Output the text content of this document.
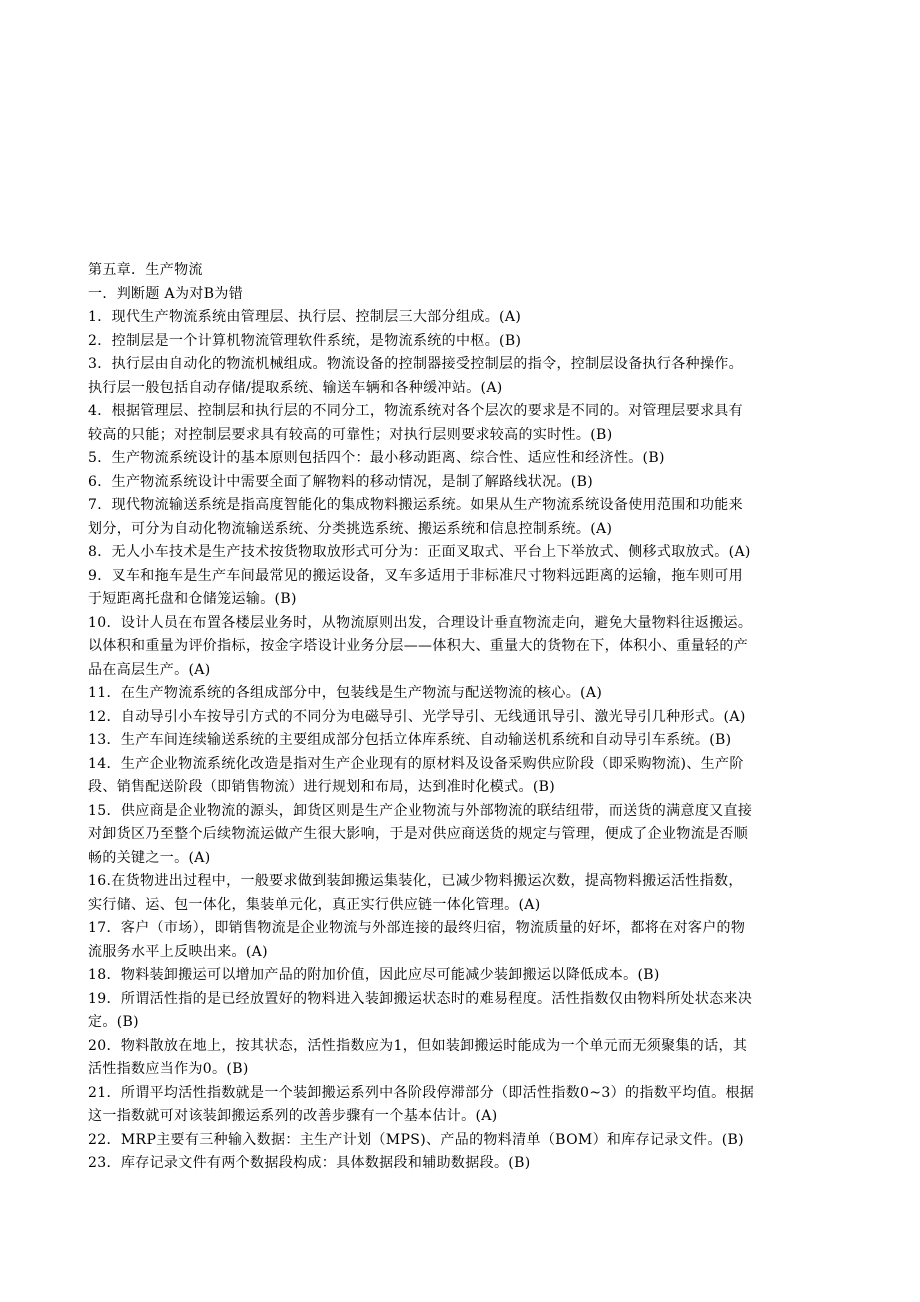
第五章．生产物流
一．判断题 A为对B为错
1．现代生产物流系统由管理层、执行层、控制层三大部分组成。(A)
2．控制层是一个计算机物流管理软件系统，是物流系统的中枢。(B)
3．执行层由自动化的物流机械组成。物流设备的控制器接受控制层的指令，控制层设备执行各种操作。
执行层一般包括自动存储/提取系统、输送车辆和各种缓冲站。(A)
4．根据管理层、控制层和执行层的不同分工，物流系统对各个层次的要求是不同的。对管理层要求具有
较高的只能；对控制层要求具有较高的可靠性；对执行层则要求较高的实时性。(B)
5．生产物流系统设计的基本原则包括四个：最小移动距离、综合性、适应性和经济性。(B)
6．生产物流系统设计中需要全面了解物料的移动情况，是制了解路线状况。(B)
7．现代物流输送系统是指高度智能化的集成物料搬运系统。如果从生产物流系统设备使用范围和功能来
划分，可分为自动化物流输送系统、分类挑选系统、搬运系统和信息控制系统。(A)
8．无人小车技术是生产技术按货物取放形式可分为：正面叉取式、平台上下举放式、侧移式取放式。(A)
9．叉车和拖车是生产车间最常见的搬运设备，叉车多适用于非标准尺寸物料远距离的运输，拖车则可用
于短距离托盘和仓储笼运输。(B)
10．设计人员在布置各楼层业务时，从物流原则出发，合理设计垂直物流走向，避免大量物料往返搬运。
以体积和重量为评价指标，按金字塔设计业务分层——体积大、重量大的货物在下，体积小、重量轻的产
品在高层生产。(A)
11．在生产物流系统的各组成部分中，包装线是生产物流与配送物流的核心。(A)
12．自动导引小车按导引方式的不同分为电磁导引、光学导引、无线通讯导引、激光导引几种形式。(A)
13．生产车间连续输送系统的主要组成部分包括立体库系统、自动输送机系统和自动导引车系统。(B)
14．生产企业物流系统化改造是指对生产企业现有的原材料及设备采购供应阶段（即采购物流)、生产阶
段、销售配送阶段（即销售物流）进行规划和布局，达到准时化模式。(B)
15．供应商是企业物流的源头，卸货区则是生产企业物流与外部物流的联结纽带，而送货的满意度又直接
对卸货区乃至整个后续物流运做产生很大影响，于是对供应商送货的规定与管理，便成了企业物流是否顺
畅的关键之一。(A)
16.在货物进出过程中，一般要求做到装卸搬运集装化，已减少物料搬运次数，提高物料搬运活性指数，
实行储、运、包一体化，集装单元化，真正实行供应链一体化管理。(A)
17．客户（市场），即销售物流是企业物流与外部连接的最终归宿，物流质量的好坏，都将在对客户的物
流服务水平上反映出来。(A)
18．物料装卸搬运可以增加产品的附加价值，因此应尽可能减少装卸搬运以降低成本。(B)
19．所谓活性指的是已经放置好的物料进入装卸搬运状态时的难易程度。活性指数仅由物料所处状态来决
定。(B)
20．物料散放在地上，按其状态，活性指数应为1，但如装卸搬运时能成为一个单元而无须聚集的话，其
活性指数应当作为0。(B)
21．所谓平均活性指数就是一个装卸搬运系列中各阶段停滞部分（即活性指数0~3）的指数平均值。根据
这一指数就可对该装卸搬运系列的改善步骤有一个基本估计。(A)
22．MRP主要有三种输入数据：主生产计划（MPS)、产品的物料清单（BOM）和库存记录文件。(B)
23．库存记录文件有两个数据段构成：具体数据段和辅助数据段。(B)
